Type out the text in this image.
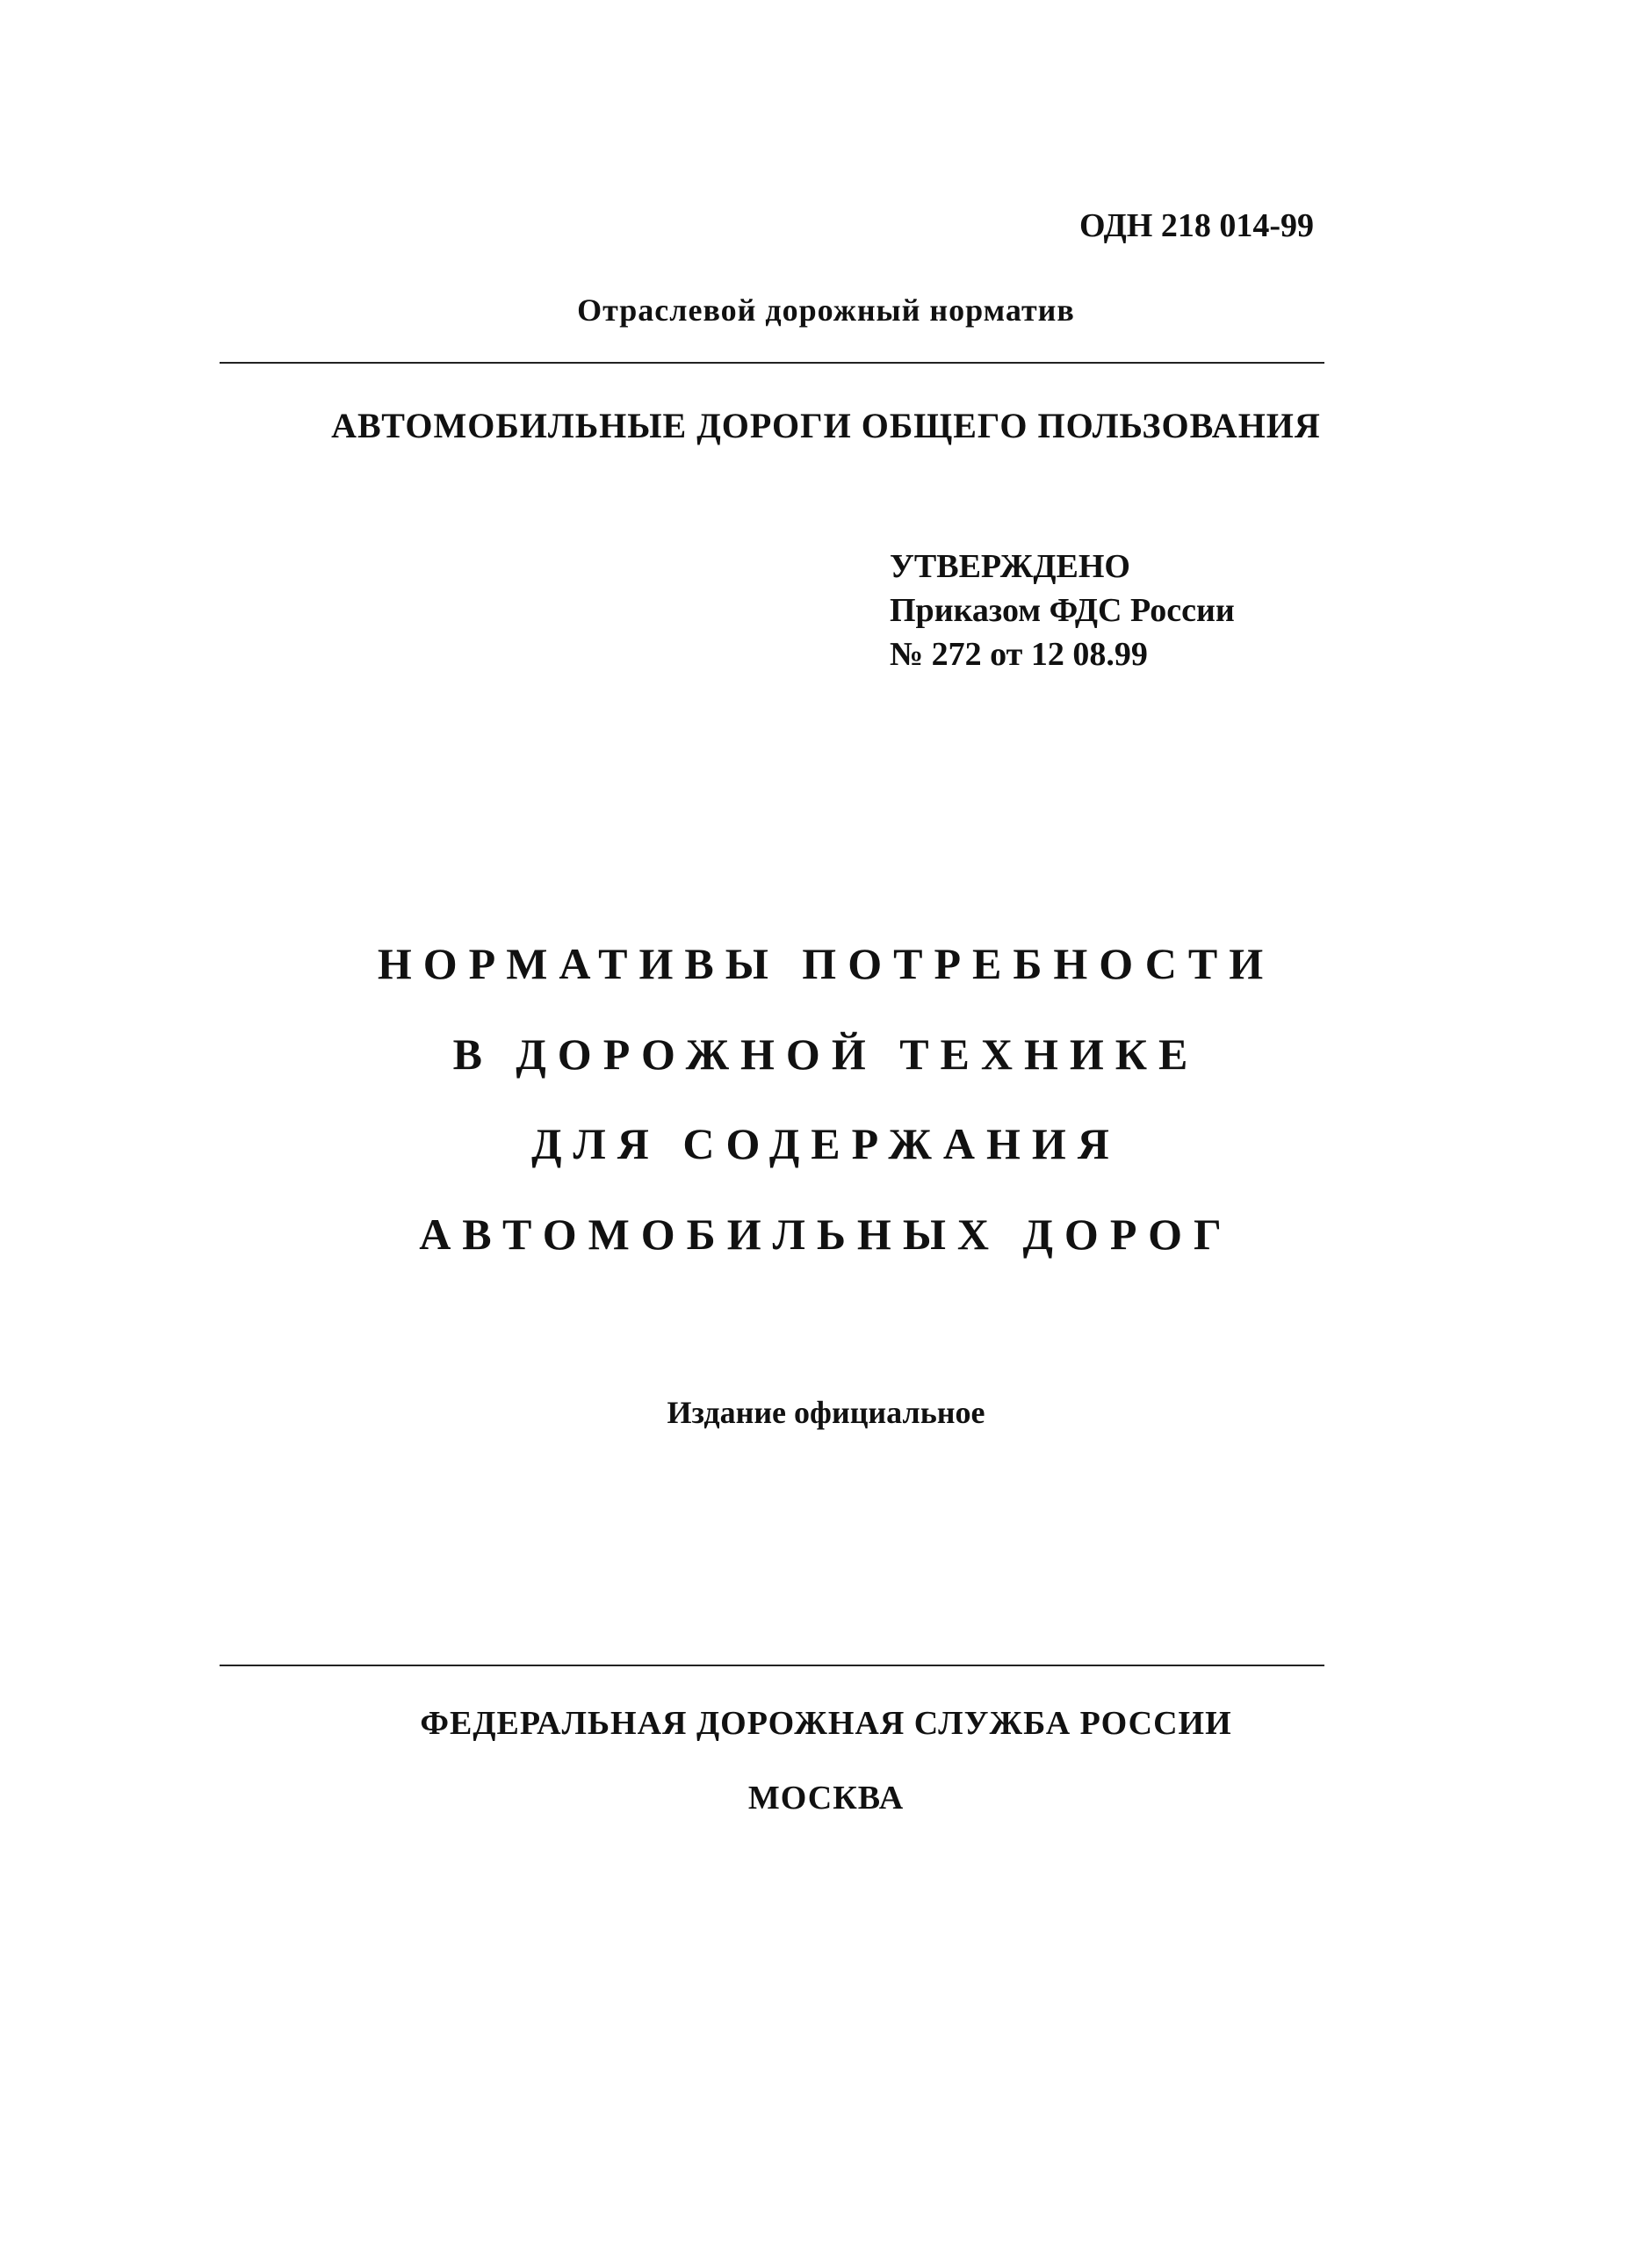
ОДН 218 014-99
Отраслевой дорожный норматив
АВТОМОБИЛЬНЫЕ ДОРОГИ ОБЩЕГО ПОЛЬЗОВАНИЯ
УТВЕРЖДЕНО
Приказом ФДС России
№ 272 от 12 08.99
НОРМАТИВЫ ПОТРЕБНОСТИ
В ДОРОЖНОЙ ТЕХНИКЕ
ДЛЯ СОДЕРЖАНИЯ
АВТОМОБИЛЬНЫХ ДОРОГ
Издание официальное
ФЕДЕРАЛЬНАЯ ДОРОЖНАЯ СЛУЖБА РОССИИ
МОСКВА
